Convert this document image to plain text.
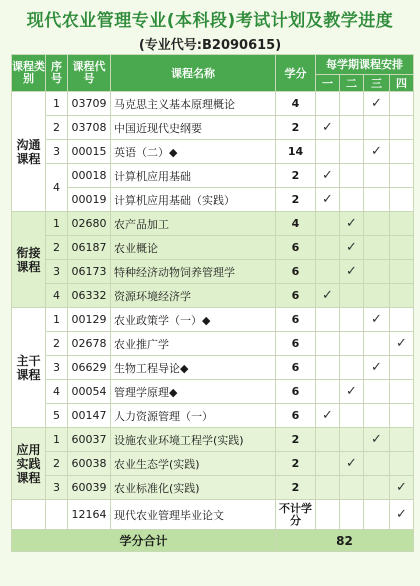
现代农业管理专业(本科段)考试计划及教学进度
(专业代号:B2090615)
课程类别	序号	课程代号	课程名称	学分	每学期课程安排			
					一	二	三	四
沟通课程	1	03709	马克思主义基本原理概论	4			✓	
	2	03708	中国近现代史纲要	2	✓			
	3	00015	英语（二）◆	14			✓	
	4	00018	计算机应用基础	2	✓			
		00019	计算机应用基础（实践）	2	✓			
衔接课程	1	02680	农产品加工	4		✓		
	2	06187	农业概论	6		✓		
	3	06173	特种经济动物饲养管理学	6		✓		
	4	06332	资源环境经济学	6	✓			
主干课程	1	00129	农业政策学（一）◆	6			✓	
	2	02678	农业推广学	6				✓
	3	06629	生物工程导论◆	6			✓	
	4	00054	管理学原理◆	6		✓		
	5	00147	人力资源管理（一）	6	✓			
应用实践课程	1	60037	设施农业环境工程学(实践)	2			✓	
	2	60038	农业生态学(实践)	2		✓		
	3	60039	农业标准化(实践)	2				✓
		12164	现代农业管理毕业论文	不计学分				✓
学分合计				82				
